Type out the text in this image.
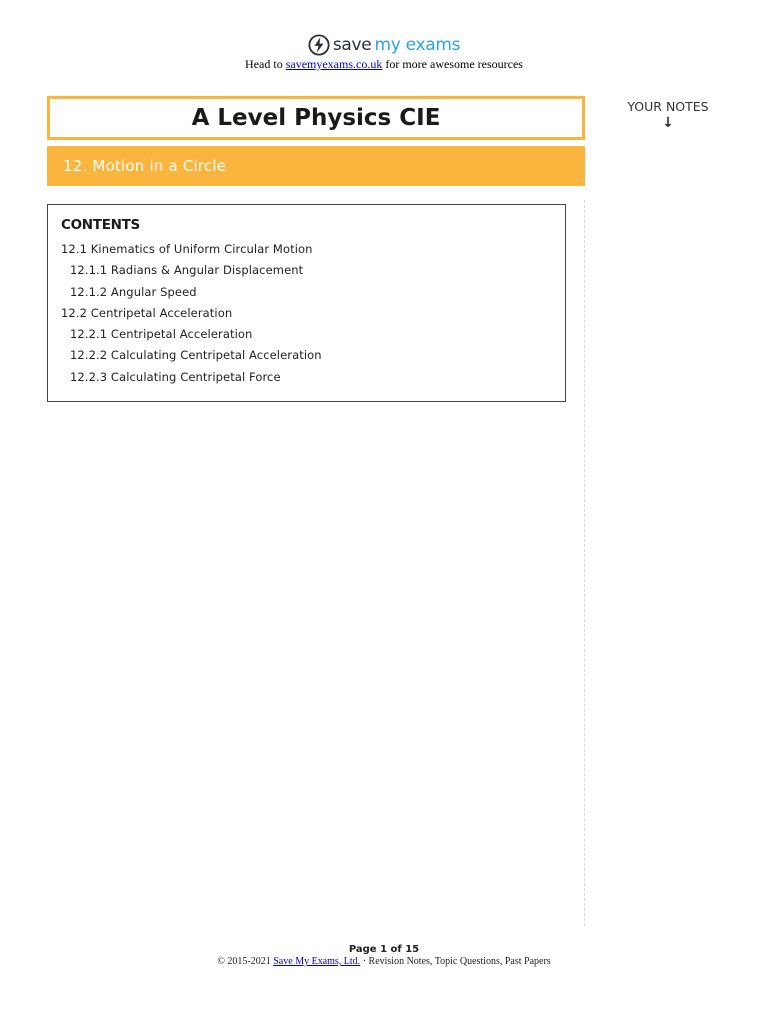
save my exams
Head to savemyexams.co.uk for more awesome resources
A Level Physics CIE
12. Motion in a Circle
YOUR NOTES
↓
CONTENTS
12.1 Kinematics of Uniform Circular Motion
12.1.1 Radians & Angular Displacement
12.1.2 Angular Speed
12.2 Centripetal Acceleration
12.2.1 Centripetal Acceleration
12.2.2 Calculating Centripetal Acceleration
12.2.3 Calculating Centripetal Force
Page 1 of 15
© 2015-2021 Save My Exams, Ltd. · Revision Notes, Topic Questions, Past Papers
